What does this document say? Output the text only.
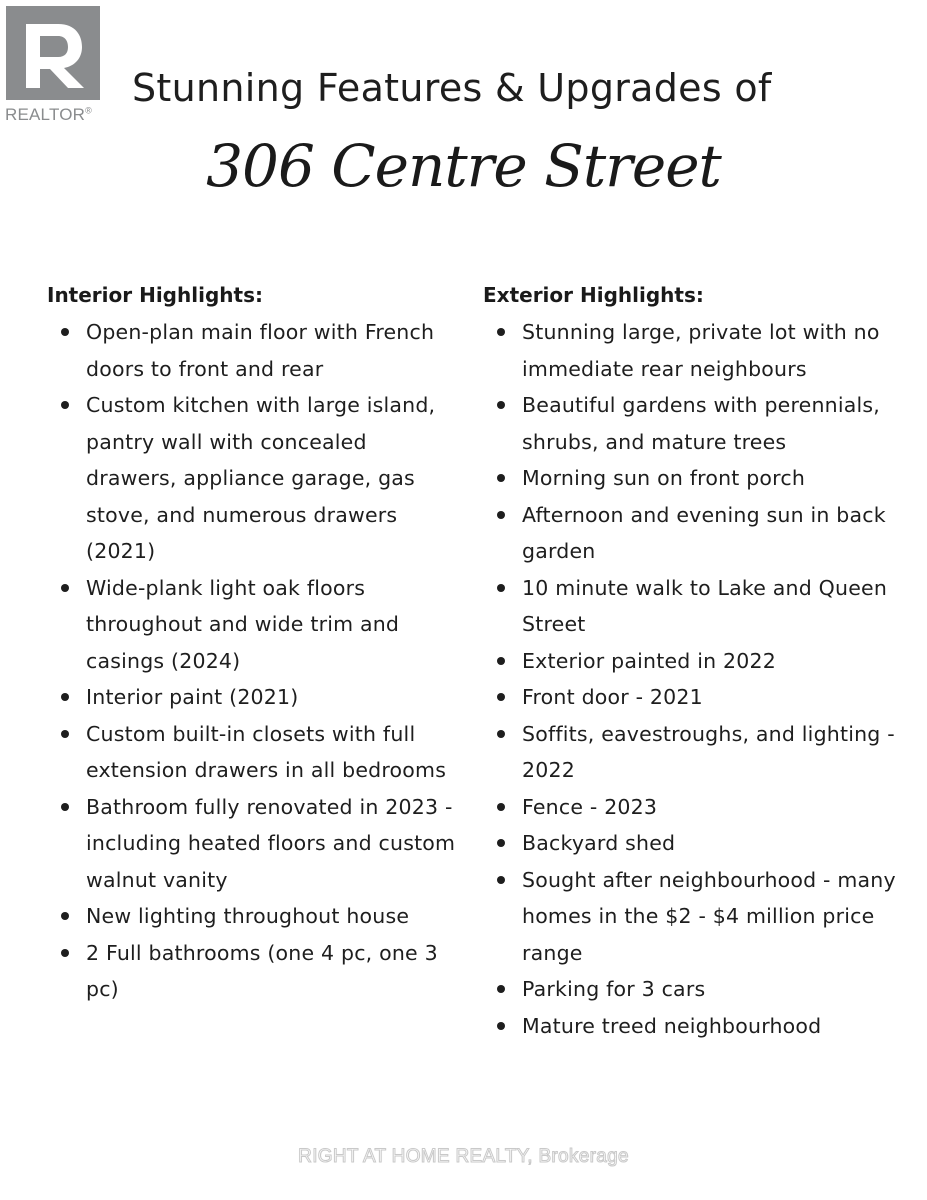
REALTOR®
Stunning Features & Upgrades of
306 Centre Street
Interior Highlights:
Open-plan main floor with French doors to front and rear
Custom kitchen with large island, pantry wall with concealed drawers, appliance garage, gas stove, and numerous drawers (2021)
Wide-plank light oak floors throughout and wide trim and casings (2024)
Interior paint (2021)
Custom built-in closets with full extension drawers in all bedrooms
Bathroom fully renovated in 2023 - including heated floors and custom walnut vanity
New lighting throughout house
2 Full bathrooms (one 4 pc, one 3 pc)
Exterior Highlights:
Stunning large, private lot with no immediate rear neighbours
Beautiful gardens with perennials, shrubs, and mature trees
Morning sun on front porch
Afternoon and evening sun in back garden
10 minute walk to Lake and Queen Street
Exterior painted in 2022
Front door - 2021
Soffits, eavestroughs, and lighting - 2022
Fence - 2023
Backyard shed
Sought after neighbourhood - many homes in the $2 - $4 million price range
Parking for 3 cars
Mature treed neighbourhood
RIGHT AT HOME REALTY, Brokerage
